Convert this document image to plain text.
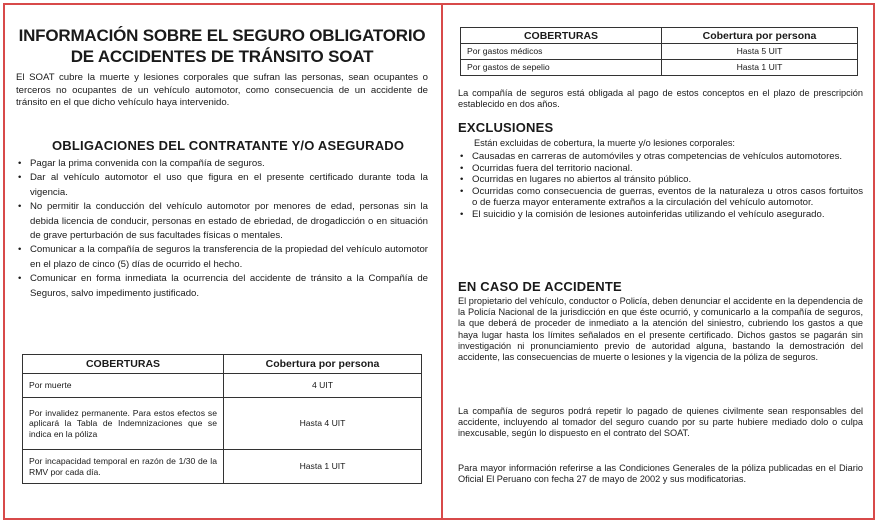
INFORMACIÓN SOBRE EL SEGURO OBLIGATORIO
DE ACCIDENTES DE TRÁNSITO SOAT
El SOAT cubre la muerte y lesiones corporales que sufran las personas, sean ocupantes o terceros no ocupantes de un vehículo automotor, como consecuencia de un accidente de tránsito en el que dicho vehículo haya intervenido.
OBLIGACIONES DEL CONTRATANTE Y/O ASEGURADO
• Pagar la prima convenida con la compañía de seguros.
• Dar al vehículo automotor el uso que figura en el presente certificado durante toda la vigencia.
• No permitir la conducción del vehículo automotor por menores de edad, personas sin la debida licencia de conducir, personas en estado de ebriedad, de drogadicción o en situación de grave perturbación de sus facultades físicas o mentales.
• Comunicar a la compañía de seguros la transferencia de la propiedad del vehículo automotor en el plazo de cinco (5) días de ocurrido el hecho.
• Comunicar en forma inmediata la ocurrencia del accidente de tránsito a la Compañía de Seguros, salvo impedimento justificado.
COBERTURAS	Cobertura por persona
Por muerte	4 UIT
Por invalidez permanente. Para estos efectos se aplicará la Tabla de Indemnizaciones que se indica en la póliza	Hasta 4 UIT
Por incapacidad temporal en razón de 1/30 de la RMV por cada día.	Hasta 1 UIT
COBERTURAS	Cobertura por persona
Por gastos médicos	Hasta 5 UIT
Por gastos de sepelio	Hasta 1 UIT
La compañía de seguros está obligada al pago de estos conceptos en el plazo de prescripción establecido en dos años.
EXCLUSIONES
Están excluidas de cobertura, la muerte y/o lesiones corporales:
• Causadas en carreras de automóviles y otras competencias de vehículos automotores.
• Ocurridas fuera del territorio nacional.
• Ocurridas en lugares no abiertos al tránsito público.
• Ocurridas como consecuencia de guerras, eventos de la naturaleza u otros casos fortuitos o de fuerza mayor enteramente extraños a la circulación del vehículo automotor.
• El suicidio y la comisión de lesiones autoinferidas utilizando el vehículo asegurado.
EN CASO DE ACCIDENTE
El propietario del vehículo, conductor o Policía, deben denunciar el accidente en la dependencia de la Policía Nacional de la jurisdicción en que éste ocurrió, y comunicarlo a la compañía de seguros, la que deberá de proceder de inmediato a la atención del siniestro, cubriendo los gastos a que haya lugar hasta los límites señalados en el presente certificado. Dichos gastos se pagarán sin investigación ni pronunciamiento previo de autoridad alguna, bastando la demostración del accidente, las consecuencias de muerte o lesiones y la vigencia de la póliza de seguros.
La compañía de seguros podrá repetir lo pagado de quienes civilmente sean responsables del accidente, incluyendo al tomador del seguro cuando por su parte hubiere mediado dolo o culpa inexcusable, según lo dispuesto en el contrato del SOAT.
Para mayor información referirse a las Condiciones Generales de la póliza publicadas en el Diario Oficial El Peruano con fecha 27 de mayo de 2002 y sus modificatorias.
